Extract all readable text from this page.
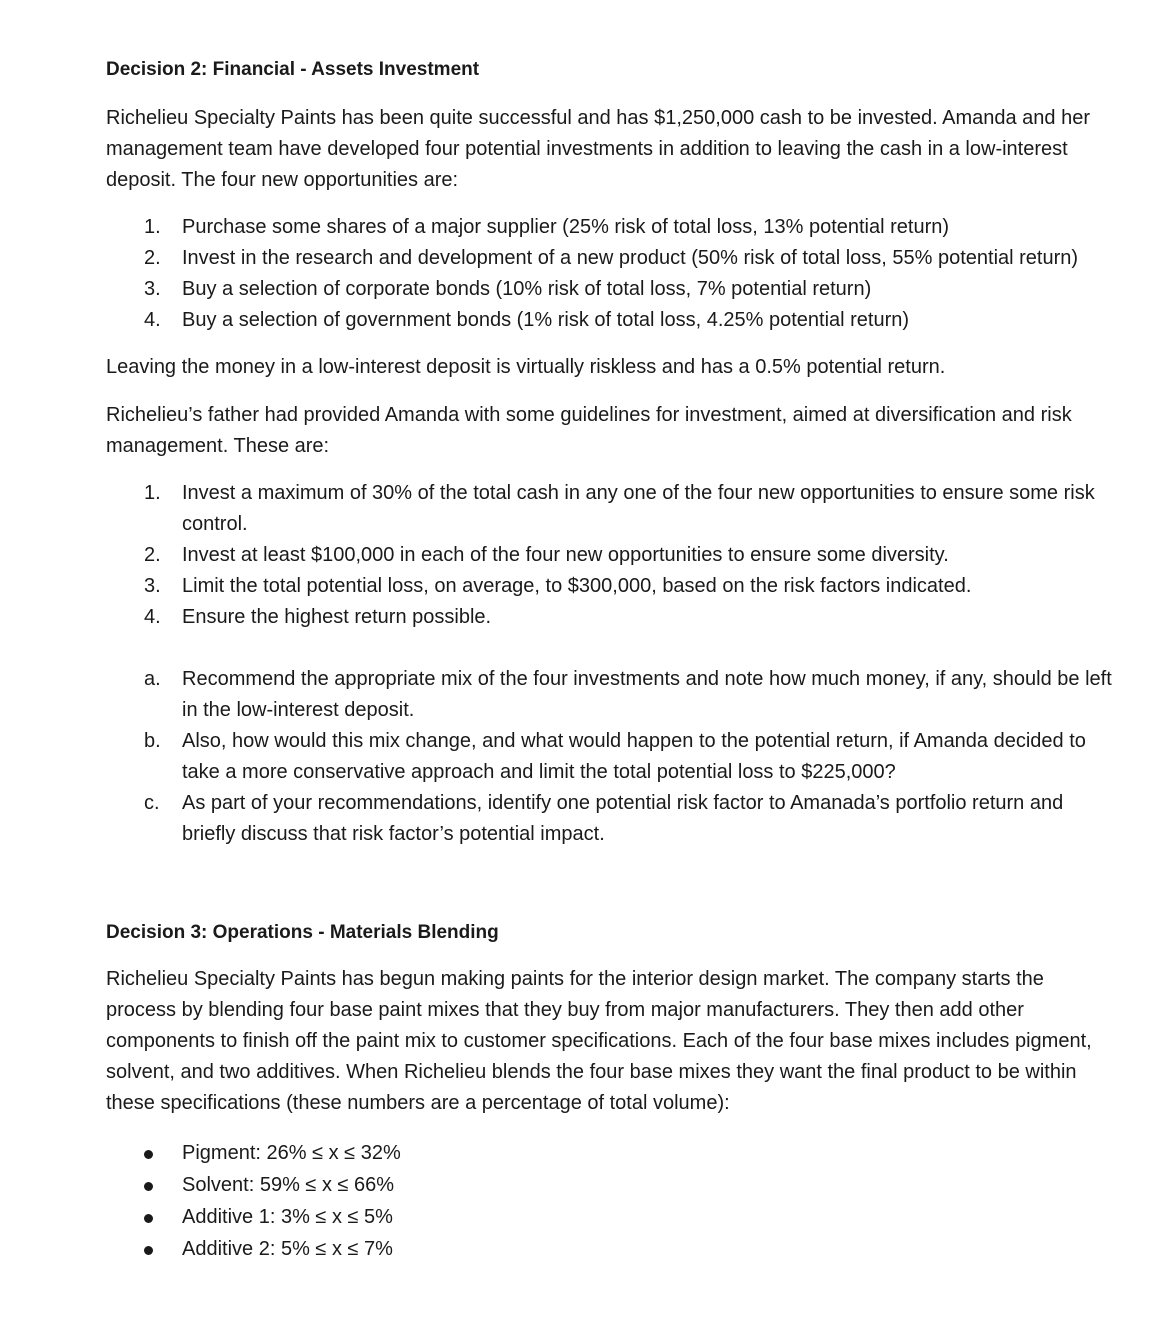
Decision 2: Financial - Assets Investment

Richelieu Specialty Paints has been quite successful and has $1,250,000 cash to be invested. Amanda and her management team have developed four potential investments in addition to leaving the cash in a low-interest deposit. The four new opportunities are:

1. Purchase some shares of a major supplier (25% risk of total loss, 13% potential return)
2. Invest in the research and development of a new product (50% risk of total loss, 55% potential return)
3. Buy a selection of corporate bonds (10% risk of total loss, 7% potential return)
4. Buy a selection of government bonds (1% risk of total loss, 4.25% potential return)

Leaving the money in a low-interest deposit is virtually riskless and has a 0.5% potential return.

Richelieu’s father had provided Amanda with some guidelines for investment, aimed at diversification and risk management. These are:

1. Invest a maximum of 30% of the total cash in any one of the four new opportunities to ensure some risk control.
2. Invest at least $100,000 in each of the four new opportunities to ensure some diversity.
3. Limit the total potential loss, on average, to $300,000, based on the risk factors indicated.
4. Ensure the highest return possible.
a. Recommend the appropriate mix of the four investments and note how much money, if any, should be left in the low-interest deposit.
b. Also, how would this mix change, and what would happen to the potential return, if Amanda decided to take a more conservative approach and limit the total potential loss to $225,000?
c. As part of your recommendations, identify one potential risk factor to Amanada’s portfolio return and briefly discuss that risk factor’s potential impact.
Decision 3: Operations - Materials Blending

Richelieu Specialty Paints has begun making paints for the interior design market. The company starts the process by blending four base paint mixes that they buy from major manufacturers. They then add other components to finish off the paint mix to customer specifications. Each of the four base mixes includes pigment, solvent, and two additives. When Richelieu blends the four base mixes they want the final product to be within these specifications (these numbers are a percentage of total volume):

Pigment: 26% ≤ x ≤ 32%
Solvent: 59% ≤ x ≤ 66%
Additive 1: 3% ≤ x ≤ 5%
Additive 2: 5% ≤ x ≤ 7%
